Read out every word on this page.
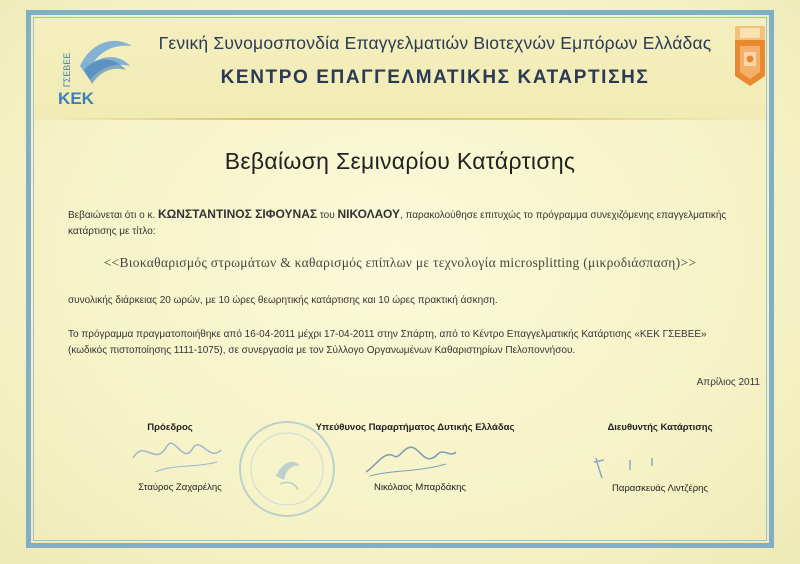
ΓΣΕΒΕΕ
ΚΕΚ
Γενική Συνομοσπονδία Επαγγελματιών Βιοτεχνών Εμπόρων Ελλάδας
ΚΕΝΤΡΟ ΕΠΑΓΓΕΛΜΑΤΙΚΗΣ ΚΑΤΑΡΤΙΣΗΣ
Βεβαίωση Σεμιναρίου Κατάρτισης
Βεβαιώνεται ότι ο κ. ΚΩΝΣΤΑΝΤΙΝΟΣ ΣΙΦΟΥΝΑΣ του ΝΙΚΟΛΑΟΥ, παρακολούθησε επιτυχώς το πρόγραμμα συνεχιζόμενης επαγγελματικής κατάρτισης με τίτλο:
<<Βιοκαθαρισμός στρωμάτων & καθαρισμός επίπλων με τεχνολογία microsplitting (μικροδιάσπαση)>>
συνολικής διάρκειας 20 ωρών, με 10 ώρες θεωρητικής κατάρτισης και 10 ώρες πρακτική άσκηση.
Το πρόγραμμα πραγματοποιήθηκε από 16-04-2011 μέχρι 17-04-2011 στην Σπάρτη, από το Κέντρο Επαγγελματικής Κατάρτισης «ΚΕΚ ΓΣΕΒΕΕ»
(κωδικός πιστοποίησης 1111-1075), σε συνεργασία με τον Σύλλογο Οργανωμένων Καθαριστηρίων Πελοποννήσου.
Απρίλιος 2011
Πρόεδρος	Υπεύθυνος Παραρτήματος Δυτικής Ελλάδας	Διευθυντής Κατάρτισης
Σταύρος Ζαχαρέλης	Νικόλαος Μπαρδάκης	Παρασκευάς Λιντζέρης
